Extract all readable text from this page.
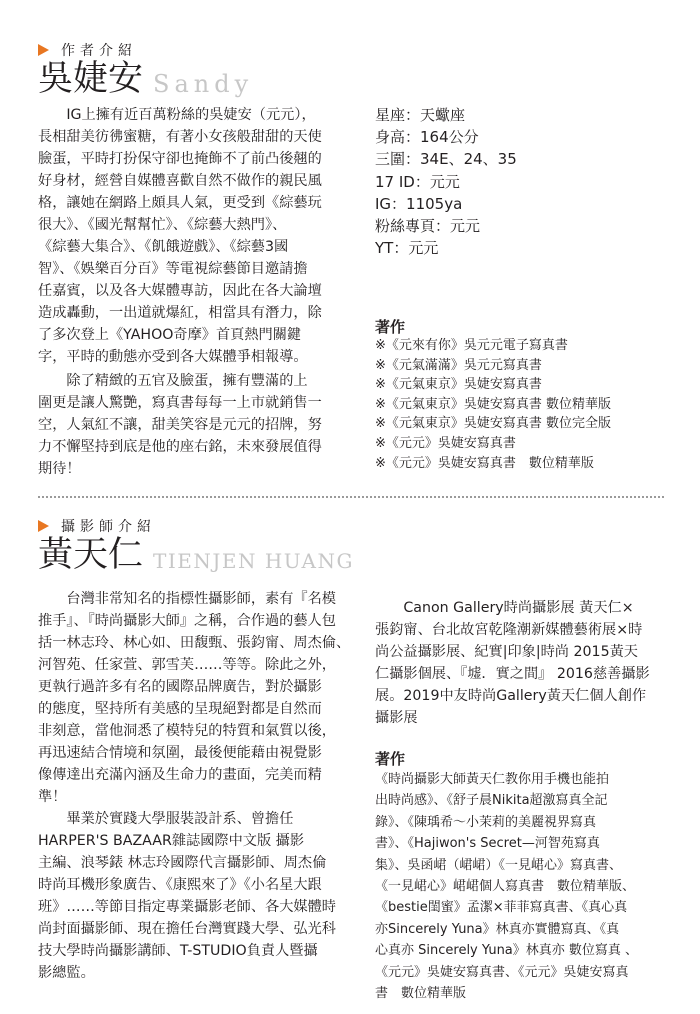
作者介紹
吳婕安 Sandy
　　IG上擁有近百萬粉絲的吳婕安（元元），
長相甜美彷彿蜜糖，有著小女孩般甜甜的天使
臉蛋，平時打扮保守卻也掩飾不了前凸後翹的
好身材，經營自媒體喜歡自然不做作的親民風
格，讓她在網路上頗具人氣，更受到《綜藝玩
很大》、《國光幫幫忙》、《綜藝大熱門》、
《綜藝大集合》、《飢餓遊戲》、《綜藝3國
智》、《娛樂百分百》等電視綜藝節目邀請擔
任嘉賓，以及各大媒體專訪，因此在各大論壇
造成轟動，一出道就爆紅，相當具有潛力，除
了多次登上《YAHOO奇摩》首頁熱門關鍵
字，平時的動態亦受到各大媒體爭相報導。
　　除了精緻的五官及臉蛋，擁有豐滿的上
圍更是讓人驚艷，寫真書每每一上市就銷售一
空，人氣紅不讓，甜美笑容是元元的招牌，努
力不懈堅持到底是他的座右銘，未來發展值得
期待！
星座：天蠍座
身高：164公分
三圍：34E、24、35
17 ID：元元
IG：1105ya
粉絲專頁：元元
YT：元元
著作
※《元來有你》吳元元電子寫真書
※《元氣滿滿》吳元元寫真書
※《元氣東京》吳婕安寫真書
※《元氣東京》吳婕安寫真書 數位精華版
※《元氣東京》吳婕安寫真書 數位完全版
※《元元》吳婕安寫真書
※《元元》吳婕安寫真書　數位精華版
攝影師介紹
黃天仁 TIENJEN HUANG
　　台灣非常知名的指標性攝影師，素有『名模
推手』、『時尚攝影大師』之稱，合作過的藝人包
括一林志玲、林心如、田馥甄、張鈞甯、周杰倫、
河智苑、任家萱、郭雪芙……等等。除此之外，
更執行過許多有名的國際品牌廣告，對於攝影
的態度，堅持所有美感的呈現絕對都是自然而
非刻意，當他洞悉了模特兒的特質和氣質以後，
再迅速結合情境和氛圍，最後便能藉由視覺影
像傳達出充滿內涵及生命力的畫面，完美而精
準！
　　畢業於實踐大學服裝設計系、曾擔任
HARPER'S BAZAAR雜誌國際中文版 攝影
主編、浪琴錶 林志玲國際代言攝影師、周杰倫
時尚耳機形象廣告、《康熙來了》《小名星大跟
班》……等節目指定專業攝影老師、各大媒體時
尚封面攝影師、現在擔任台灣實踐大學、弘光科
技大學時尚攝影講師、T-STUDIO負責人暨攝
影總監。
　　Canon Gallery時尚攝影展 黃天仁×
張鈞甯、台北故宮乾隆潮新媒體藝術展×時
尚公益攝影展、紀實|印象|時尚 2015黃天
仁攝影個展、『墟．實之間』 2016慈善攝影
展。2019中友時尚Gallery黃天仁個人創作
攝影展
著作
《時尚攝影大師黃天仁教你用手機也能拍
出時尚感》、《舒子晨Nikita超激寫真全記
錄》、《陳瑀希～小茉莉的美麗視界寫真
書》、《Hajiwon's Secret—河智苑寫真
集》、吳函峮（峮峮）《一見峮心》寫真書、
《一見峮心》峮峮個人寫真書　數位精華版、
《bestie閨蜜》孟潔×菲菲寫真書、《真心真
亦Sincerely Yuna》林真亦實體寫真、《真
心真亦 Sincerely Yuna》林真亦 數位寫真 、
《元元》吳婕安寫真書、《元元》吳婕安寫真
書　數位精華版
